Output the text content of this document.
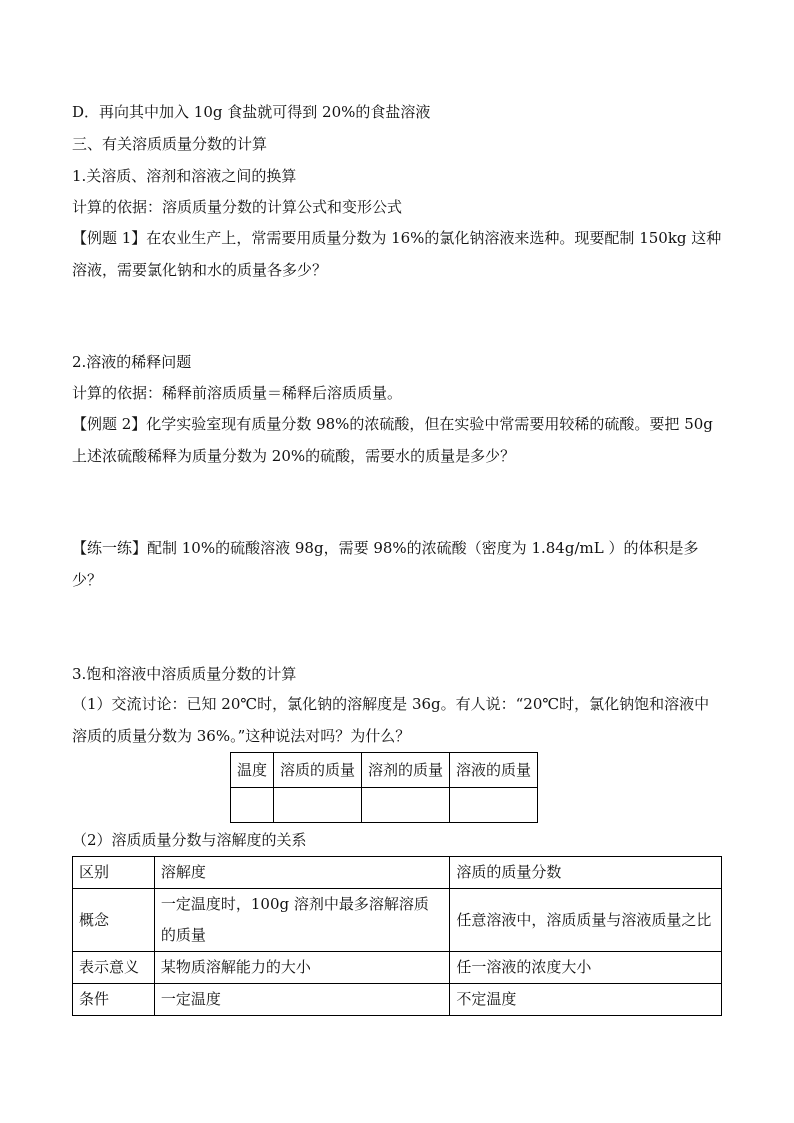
D．再向其中加入 10g 食盐就可得到 20%的食盐溶液
三、有关溶质质量分数的计算
1.关溶质、溶剂和溶液之间的换算
计算的依据：溶质质量分数的计算公式和变形公式
【例题 1】在农业生产上，常需要用质量分数为 16%的氯化钠溶液来选种。现要配制 150kg 这种溶液，需要氯化钠和水的质量各多少？
2.溶液的稀释问题
计算的依据：稀释前溶质质量＝稀释后溶质质量。
【例题 2】化学实验室现有质量分数 98%的浓硫酸，但在实验中常需要用较稀的硫酸。要把 50g 上述浓硫酸稀释为质量分数为 20%的硫酸，需要水的质量是多少？
【练一练】配制 10%的硫酸溶液 98g，需要 98%的浓硫酸（密度为 1.84g/mL ）的体积是多少？
3.饱和溶液中溶质质量分数的计算
（1）交流讨论：已知 20℃时，氯化钠的溶解度是 36g。有人说：“20℃时，氯化钠饱和溶液中溶质的质量分数为 36%。”这种说法对吗？为什么？
温度	溶质的质量	溶剂的质量	溶液的质量

（2）溶质质量分数与溶解度的关系
区别	溶解度	溶质的质量分数
概念	一定温度时，100g 溶剂中最多溶解溶质的质量	任意溶液中，溶质质量与溶液质量之比
表示意义	某物质溶解能力的大小	任一溶液的浓度大小
条件	一定温度	不定温度
